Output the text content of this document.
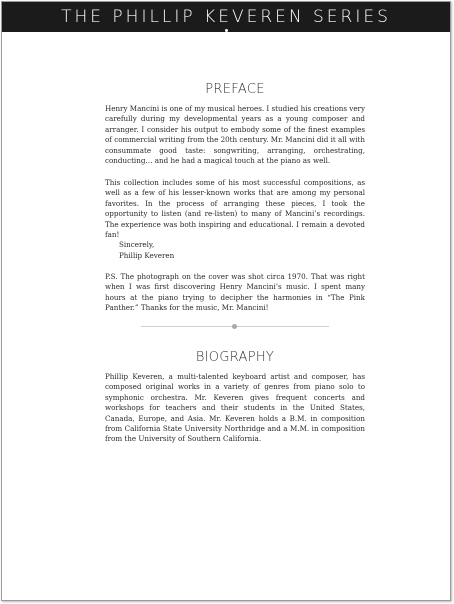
THE PHILLIP KEVEREN SERIES
PREFACE
Henry Mancini is one of my musical heroes. I studied his creations very carefully during my developmental years as a young composer and arranger. I consider his output to embody some of the finest examples of commercial writing from the 20th century. Mr. Mancini did it all with consummate good taste: songwriting, arranging, orchestrating, conducting… and he had a magical touch at the piano as well.
This collection includes some of his most successful compositions, as well as a few of his lesser-known works that are among my personal favorites. In the process of arranging these pieces, I took the opportunity to listen (and re-listen) to many of Mancini’s recordings. The experience was both inspiring and educational. I remain a devoted fan!
Sincerely,
Phillip Keveren
P.S. The photograph on the cover was shot circa 1970. That was right when I was first discovering Henry Mancini’s music. I spent many hours at the piano trying to decipher the harmonies in “The Pink Panther.” Thanks for the music, Mr. Mancini!
BIOGRAPHY
Phillip Keveren, a multi-talented keyboard artist and composer, has composed original works in a variety of genres from piano solo to symphonic orchestra. Mr. Keveren gives frequent concerts and workshops for teachers and their students in the United States, Canada, Europe, and Asia. Mr. Keveren holds a B.M. in composition from California State University Northridge and a M.M. in composition from the University of Southern California.
